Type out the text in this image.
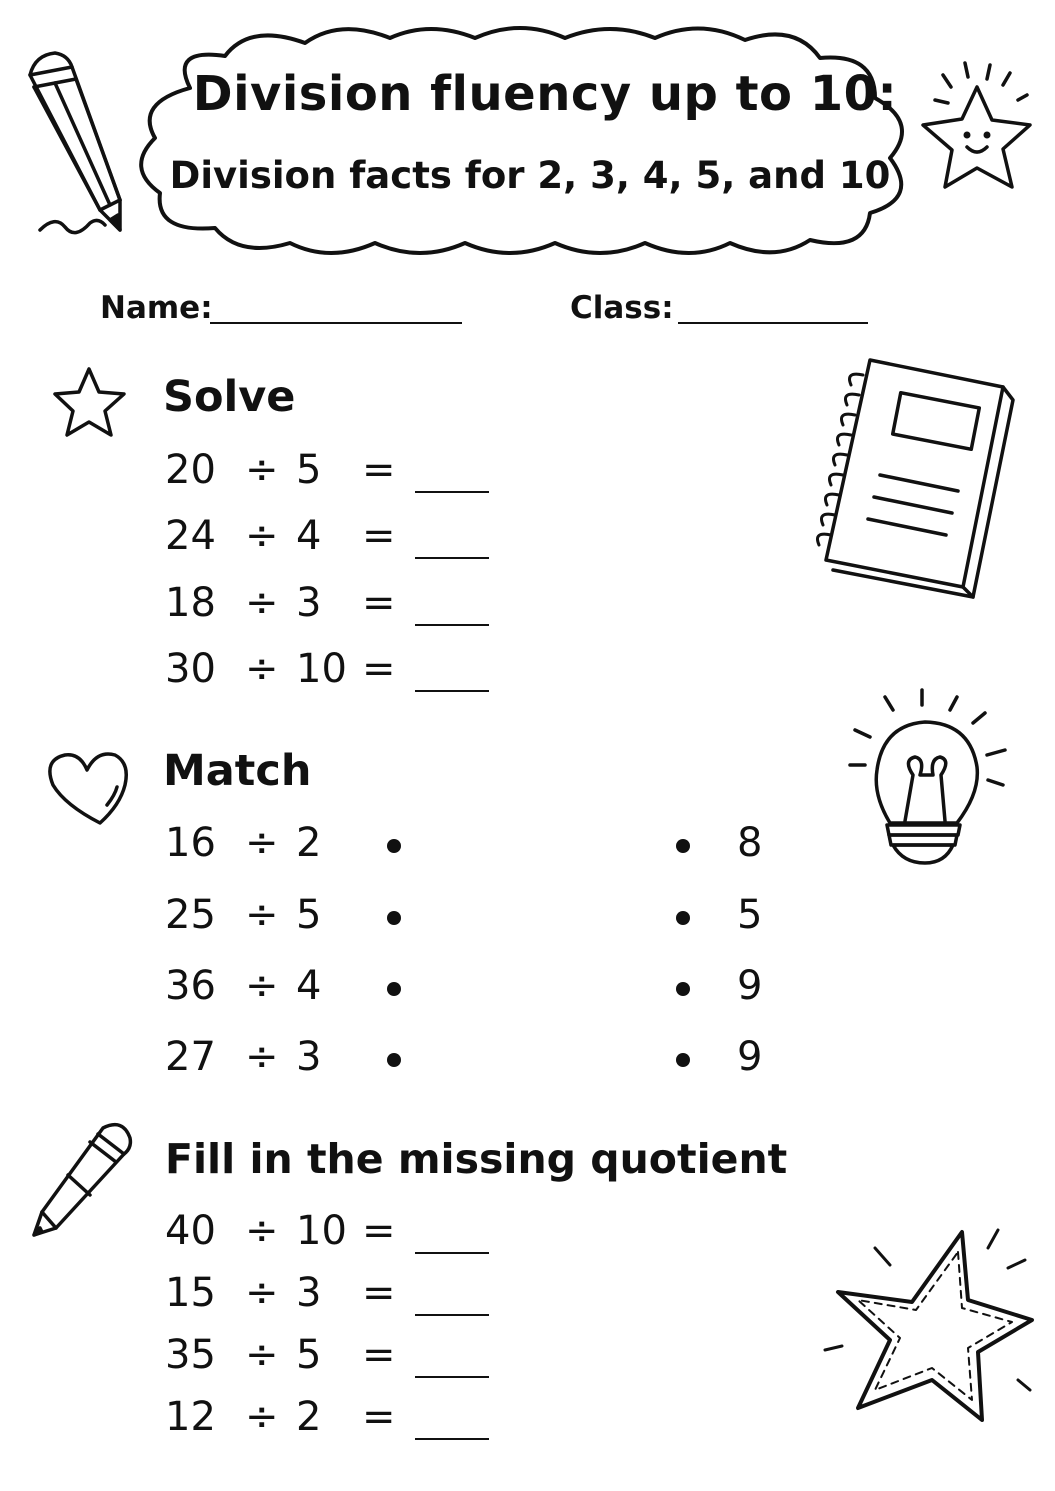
Division fluency up to 10:
Division facts for 2, 3, 4, 5, and 10
Name:	Class:
Solve
20 ÷ 5 =
24 ÷ 4 =
18 ÷ 3 =
30 ÷ 10 =
Match
16 ÷ 2	8
25 ÷ 5	5
36 ÷ 4	9
27 ÷ 3	9
Fill in the missing quotient
40 ÷ 10 =
15 ÷ 3 =
35 ÷ 5 =
12 ÷ 2 =
